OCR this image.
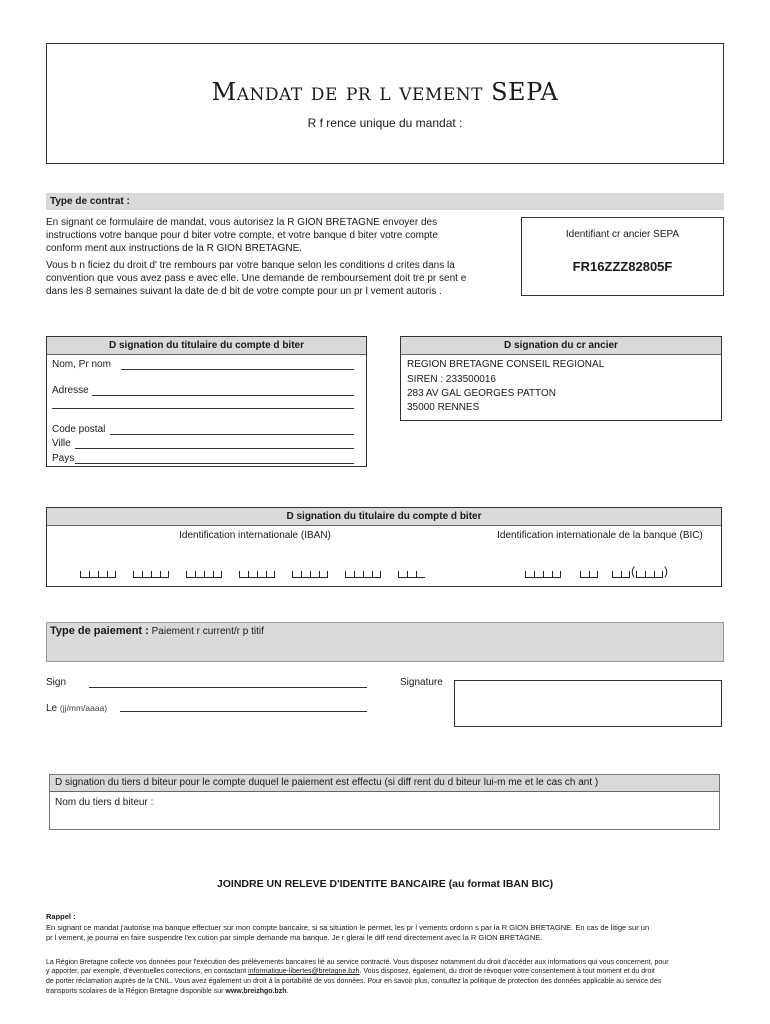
Mandat de pr l vement SEPA
R f rence unique du mandat :
Type de contrat :
En signant ce formulaire de mandat, vous autorisez la R GION BRETAGNE envoyer des
instructions votre banque pour d biter votre compte, et votre banque d biter votre compte
conform ment aux instructions de la R GION BRETAGNE.
Vous b n ficiez du droit d' tre rembours par votre banque selon les conditions d crites dans la
convention que vous avez pass e avec elle. Une demande de remboursement doit tre pr sent e
dans les 8 semaines suivant la date de d bit de votre compte pour un pr l vement autoris .
Identifiant cr ancier SEPA
FR16ZZZ82805F
D signation du titulaire du compte d biter
Nom, Pr nom
Adresse
Code postal
Ville
Pays
D signation du cr ancier
REGION BRETAGNE CONSEIL REGIONAL
SIREN : 233500016
283 AV GAL GEORGES PATTON
35000 RENNES
D signation du titulaire du compte d biter
Identification internationale (IBAN)	Identification internationale de la banque (BIC)
( )
Type de paiement : Paiement r current/r p titif
Sign
Le (jj/mm/aaaa)
Signature
D signation du tiers d biteur pour le compte duquel le paiement est effectu (si diff rent du d biteur lui-m me et le cas ch ant )
Nom du tiers d biteur :
JOINDRE UN RELEVE D'IDENTITE BANCAIRE (au format IBAN BIC)
Rappel :
En signant ce mandat j'autorise ma banque effectuer sur mon compte bancaire, si sa situation le permet, les pr l vements ordonn s par la R GION BRETAGNE. En cas de litige sur un
pr l vement, je pourrai en faire suspendre l'ex cution par simple demande ma banque. Je r glerai le diff rend directement avec la R GION BRETAGNE.
La Région Bretagne collecte vos données pour l'exécution des prélèvements bancaires lié au service contracté. Vous disposez notamment du droit d'accéder aux informations qui vous concernent, pour
y apporter, par exemple, d'éventuelles corrections, en contactant informatique-libertes@bretagne.bzh. Vous disposez, également, du droit de révoquer votre consentement à tout moment et du droit
de porter réclamation auprès de la CNIL. Vous avez également un droit à la portabilité de vos données. Pour en savoir plus, consultez la politique de protection des données applicable au service des
transports scolaires de la Région Bretagne disponible sur www.breizhgo.bzh.
